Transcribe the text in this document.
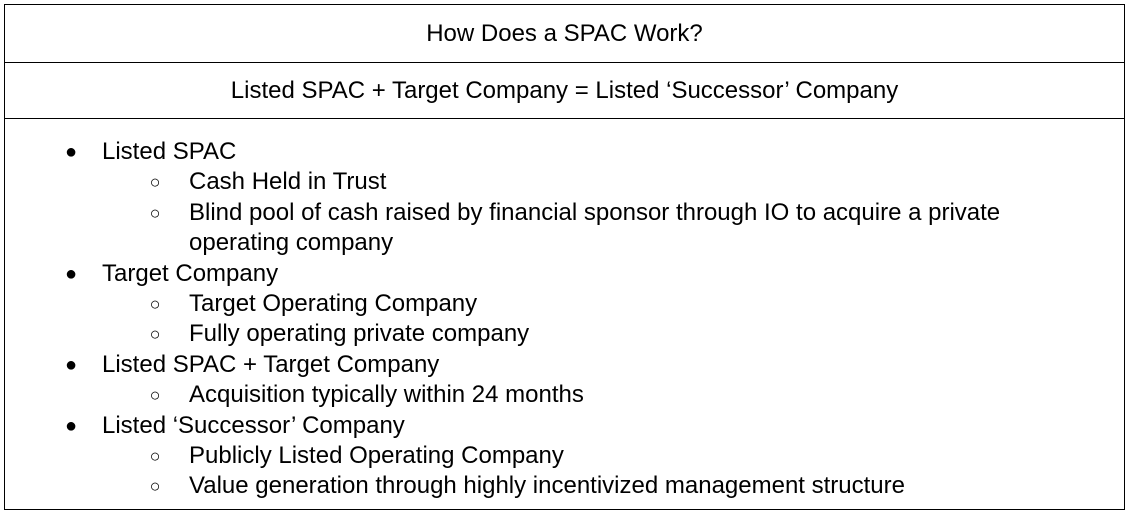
How Does a SPAC Work?
Listed SPAC + Target Company = Listed ‘Successor’ Company
● Listed SPAC
○ Cash Held in Trust
○ Blind pool of cash raised by financial sponsor through IO to acquire a private
operating company
● Target Company
○ Target Operating Company
○ Fully operating private company
● Listed SPAC + Target Company
○ Acquisition typically within 24 months
● Listed ‘Successor’ Company
○ Publicly Listed Operating Company
○ Value generation through highly incentivized management structure
